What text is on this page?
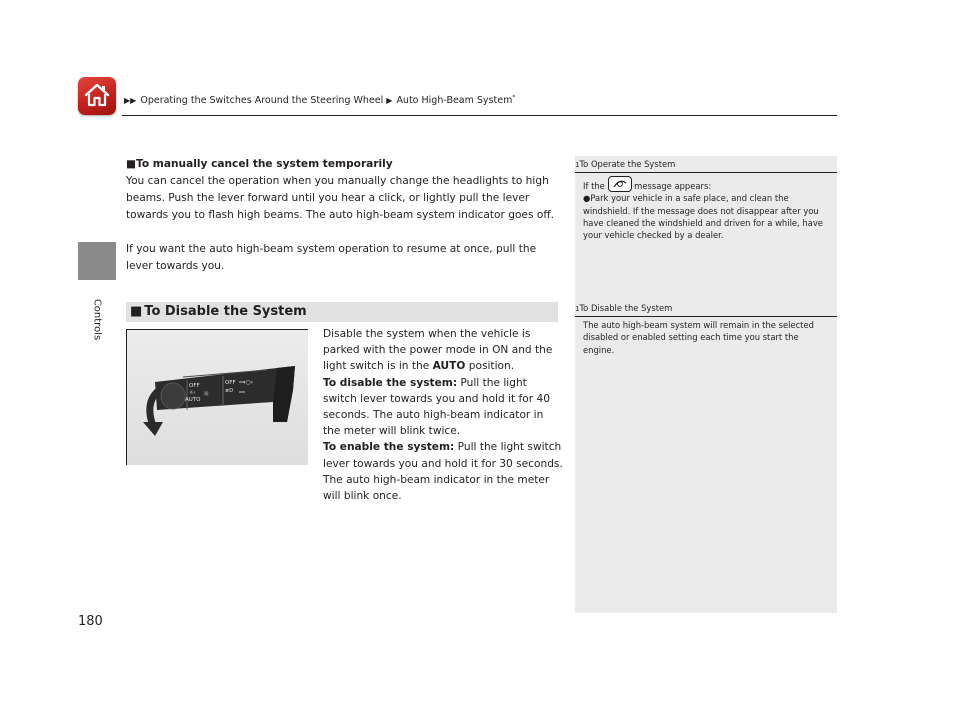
▶▶ Operating the Switches Around the Steering Wheel ▶ Auto High-Beam System*
Controls
180
■To manually cancel the system temporarily

You can cancel the operation when you manually change the headlights to high beams. Push the lever forward until you hear a click, or lightly pull the lever towards you to flash high beams. The auto high-beam system indicator goes off.

If you want the auto high-beam system operation to resume at once, pull the lever towards you.

■ To Disable the System
OFF
☼‹
AUTO
☼
OFF
≢D
‹○›
Disable the system when the vehicle is parked with the power mode in ON and the light switch is in the AUTO position.
To disable the system: Pull the light switch lever towards you and hold it for 40 seconds. The auto high-beam indicator in the meter will blink twice.
To enable the system: Pull the light switch lever towards you and hold it for 30 seconds. The auto high-beam indicator in the meter will blink once.
1To Operate the System
If the	message appears:
●Park your vehicle in a safe place, and clean the windshield. If the message does not disappear after you have cleaned the windshield and driven for a while, have your vehicle checked by a dealer.
1To Disable the System
The auto high-beam system will remain in the selected disabled or enabled setting each time you start the engine.
